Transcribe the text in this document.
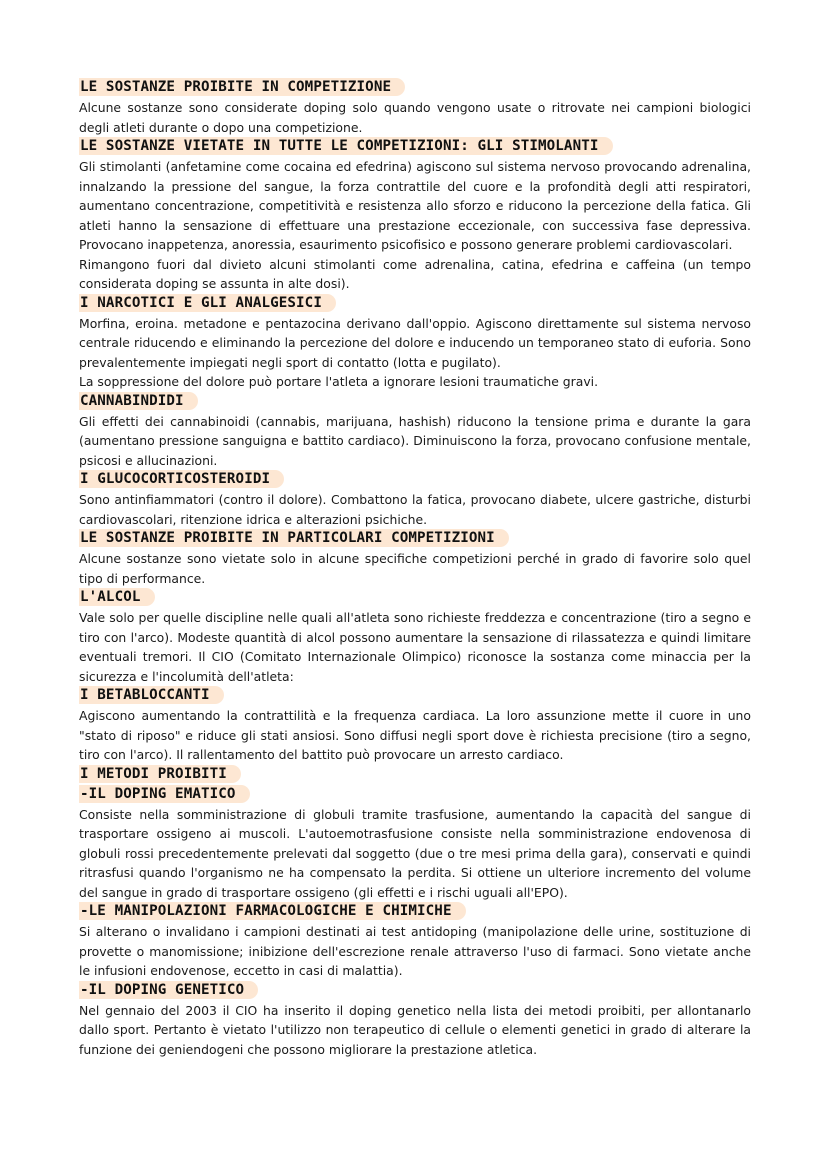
LE SOSTANZE PROIBITE IN COMPETIZIONE

Alcune sostanze sono considerate doping solo quando vengono usate o ritrovate nei campioni biologici degli atleti durante o dopo una competizione.

LE SOSTANZE VIETATE IN TUTTE LE COMPETIZIONI: GLI STIMOLANTI

Gli stimolanti (anfetamine come cocaina ed efedrina) agiscono sul sistema nervoso provocando adrenalina, innalzando la pressione del sangue, la forza contrattile del cuore e la profondità degli atti respiratori, aumentano concentrazione, competitività e resistenza allo sforzo e riducono la percezione della fatica. Gli atleti hanno la sensazione di effettuare una prestazione eccezionale, con successiva fase depressiva. Provocano inappetenza, anoressia, esaurimento psicofisico e possono generare problemi cardiovascolari.

Rimangono fuori dal divieto alcuni stimolanti come adrenalina, catina, efedrina e caffeina (un tempo considerata doping se assunta in alte dosi).

I NARCOTICI E GLI ANALGESICI

Morfina, eroina. metadone e pentazocina derivano dall'oppio. Agiscono direttamente sul sistema nervoso centrale riducendo e eliminando la percezione del dolore e inducendo un temporaneo stato di euforia. Sono prevalentemente impiegati negli sport di contatto (lotta e pugilato).

La soppressione del dolore può portare l'atleta a ignorare lesioni traumatiche gravi.

CANNABINDIDI

Gli effetti dei cannabinoidi (cannabis, marijuana, hashish) riducono la tensione prima e durante la gara (aumentano pressione sanguigna e battito cardiaco). Diminuiscono la forza, provocano confusione mentale, psicosi e allucinazioni.

I GLUCOCORTICOSTEROIDI

Sono antinfiammatori (contro il dolore). Combattono la fatica, provocano diabete, ulcere gastriche, disturbi cardiovascolari, ritenzione idrica e alterazioni psichiche.

LE SOSTANZE PROIBITE IN PARTICOLARI COMPETIZIONI

Alcune sostanze sono vietate solo in alcune specifiche competizioni perché in grado di favorire solo quel tipo di performance.

L'ALCOL

Vale solo per quelle discipline nelle quali all'atleta sono richieste freddezza e concentrazione (tiro a segno e tiro con l'arco). Modeste quantità di alcol possono aumentare la sensazione di rilassatezza e quindi limitare eventuali tremori. Il CIO (Comitato Internazionale Olimpico) riconosce la sostanza come minaccia per la sicurezza e l'incolumità dell'atleta:

I BETABLOCCANTI

Agiscono aumentando la contrattilità e la frequenza cardiaca. La loro assunzione mette il cuore in uno "stato di riposo" e riduce gli stati ansiosi. Sono diffusi negli sport dove è richiesta precisione (tiro a segno, tiro con l'arco). Il rallentamento del battito può provocare un arresto cardiaco.

I METODI PROIBITI
-IL DOPING EMATICO

Consiste nella somministrazione di globuli tramite trasfusione, aumentando la capacità del sangue di trasportare ossigeno ai muscoli. L'autoemotrasfusione consiste nella somministrazione endovenosa di globuli rossi precedentemente prelevati dal soggetto (due o tre mesi prima della gara), conservati e quindi ritrasfusi quando l'organismo ne ha compensato la perdita. Si ottiene un ulteriore incremento del volume del sangue in grado di trasportare ossigeno (gli effetti e i rischi uguali all'EPO).

-LE MANIPOLAZIONI FARMACOLOGICHE E CHIMICHE

Si alterano o invalidano i campioni destinati ai test antidoping (manipolazione delle urine, sostituzione di provette o manomissione; inibizione dell'escrezione renale attraverso l'uso di farmaci. Sono vietate anche le infusioni endovenose, eccetto in casi di malattia).

-IL DOPING GENETICO

Nel gennaio del 2003 il CIO ha inserito il doping genetico nella lista dei metodi proibiti, per allontanarlo dallo sport. Pertanto è vietato l'utilizzo non terapeutico di cellule o elementi genetici in grado di alterare la funzione dei geniendogeni che possono migliorare la prestazione atletica.
